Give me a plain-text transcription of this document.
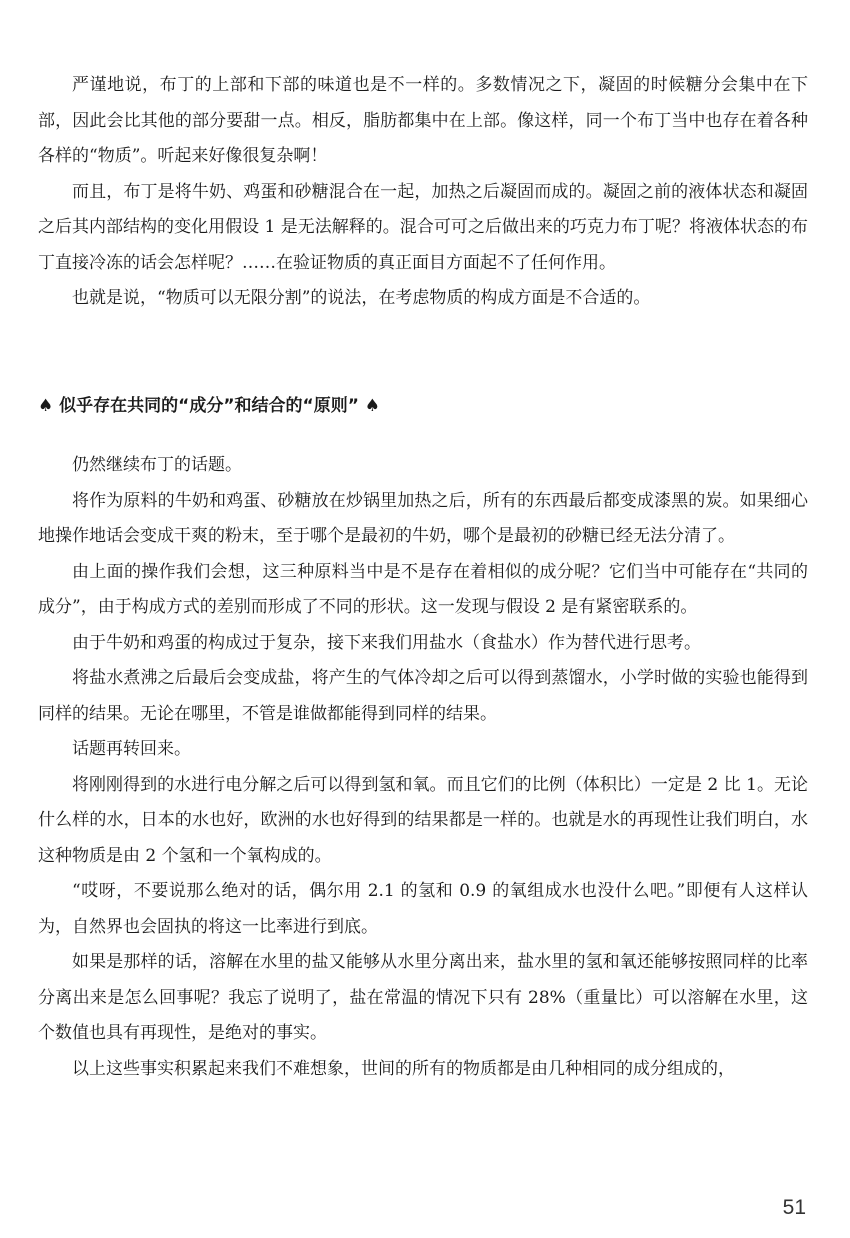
严谨地说，布丁的上部和下部的味道也是不一样的。多数情况之下，凝固的时候糖分会集中在下部，因此会比其他的部分要甜一点。相反，脂肪都集中在上部。像这样，同一个布丁当中也存在着各种各样的“物质”。听起来好像很复杂啊！

而且，布丁是将牛奶、鸡蛋和砂糖混合在一起，加热之后凝固而成的。凝固之前的液体状态和凝固之后其内部结构的变化用假设 1 是无法解释的。混合可可之后做出来的巧克力布丁呢？将液体状态的布丁直接冷冻的话会怎样呢？……在验证物质的真正面目方面起不了任何作用。

也就是说，“物质可以无限分割”的说法，在考虑物质的构成方面是不合适的。

♠ 似乎存在共同的“成分”和结合的“原则” ♠

仍然继续布丁的话题。

将作为原料的牛奶和鸡蛋、砂糖放在炒锅里加热之后，所有的东西最后都变成漆黑的炭。如果细心地操作地话会变成干爽的粉末，至于哪个是最初的牛奶，哪个是最初的砂糖已经无法分清了。

由上面的操作我们会想，这三种原料当中是不是存在着相似的成分呢？它们当中可能存在“共同的成分”，由于构成方式的差别而形成了不同的形状。这一发现与假设 2 是有紧密联系的。

由于牛奶和鸡蛋的构成过于复杂，接下来我们用盐水（食盐水）作为替代进行思考。

将盐水煮沸之后最后会变成盐，将产生的气体冷却之后可以得到蒸馏水，小学时做的实验也能得到同样的结果。无论在哪里，不管是谁做都能得到同样的结果。

话题再转回来。

将刚刚得到的水进行电分解之后可以得到氢和氧。而且它们的比例（体积比）一定是 2 比 1。无论什么样的水，日本的水也好，欧洲的水也好得到的结果都是一样的。也就是水的再现性让我们明白，水这种物质是由 2 个氢和一个氧构成的。

“哎呀，不要说那么绝对的话，偶尔用 2.1 的氢和 0.9 的氧组成水也没什么吧。”即便有人这样认为，自然界也会固执的将这一比率进行到底。

如果是那样的话，溶解在水里的盐又能够从水里分离出来，盐水里的氢和氧还能够按照同样的比率分离出来是怎么回事呢？我忘了说明了，盐在常温的情况下只有 28%（重量比）可以溶解在水里，这个数值也具有再现性，是绝对的事实。

以上这些事实积累起来我们不难想象，世间的所有的物质都是由几种相同的成分组成的，

51
